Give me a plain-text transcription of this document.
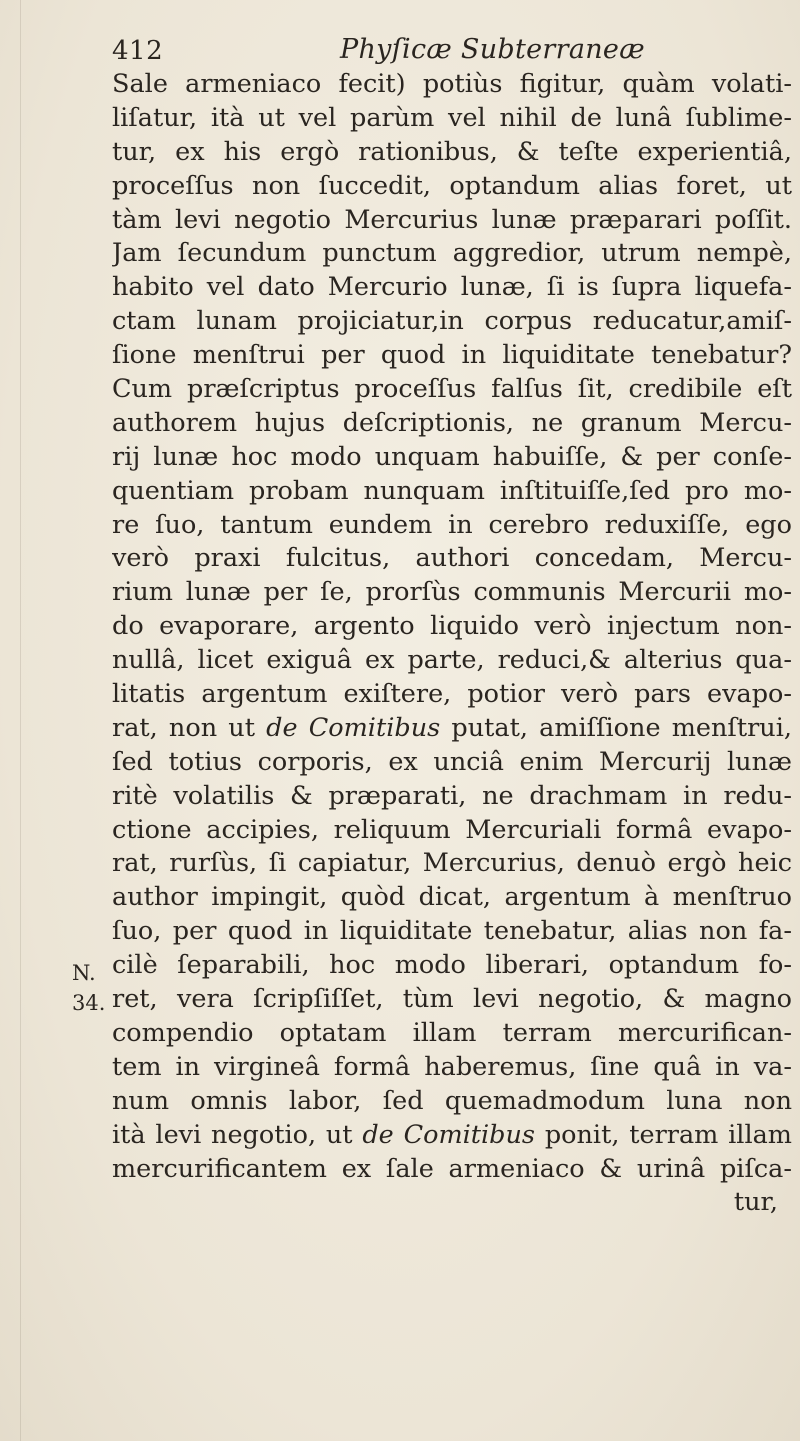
412	Phyſicæ Subterraneæ
N.
34.
Sale armeniaco fecit) potiùs figitur, quàm volati-
liſatur, ità ut vel parùm vel nihil de lunâ ſublime-
tur, ex his ergò rationibus, & teſte experientiâ,
proceſſus non ſuccedit, optandum alias foret, ut
tàm levi negotio Mercurius lunæ præparari poſſit.
Jam ſecundum punctum aggredior, utrum nempè,
habito vel dato Mercurio lunæ, ſi is ſupra liquefa-
ctam lunam projiciatur,in corpus reducatur,amiſ-
ſione menſtrui per quod in liquiditate tenebatur?
Cum præſcriptus proceſſus falſus ſit, credibile eſt
authorem hujus deſcriptionis, ne granum Mercu-
rij lunæ hoc modo unquam habuiſſe, & per conſe-
quentiam probam nunquam inſtituiſſe,ſed pro mo-
re ſuo, tantum eundem in cerebro reduxiſſe, ego
verò praxi fulcitus, authori concedam, Mercu-
rium lunæ per ſe, prorſùs communis Mercurii mo-
do evaporare, argento liquido verò injectum non-
nullâ, licet exiguâ ex parte, reduci,& alterius qua-
litatis argentum exiſtere, potior verò pars evapo-
rat, non ut de Comitibus putat, amiſſione menſtrui,
ſed totius corporis, ex unciâ enim Mercurij lunæ
ritè volatilis & præparati, ne drachmam in redu-
ctione accipies, reliquum Mercuriali formâ evapo-
rat, rurſùs, ſi capiatur, Mercurius, denuò ergò heic
author impingit, quòd dicat, argentum à menſtruo
ſuo, per quod in liquiditate tenebatur, alias non fa-
cilè ſeparabili, hoc modo liberari, optandum fo-
ret, vera ſcripſiſſet, tùm levi negotio, & magno
compendio optatam illam terram mercurifican-
tem in virgineâ formâ haberemus, ſine quâ in va-
num omnis labor, ſed quemadmodum luna non
ità levi negotio, ut de Comitibus ponit, terram illam
mercurificantem ex ſale armeniaco & urinâ piſca-
tur,
